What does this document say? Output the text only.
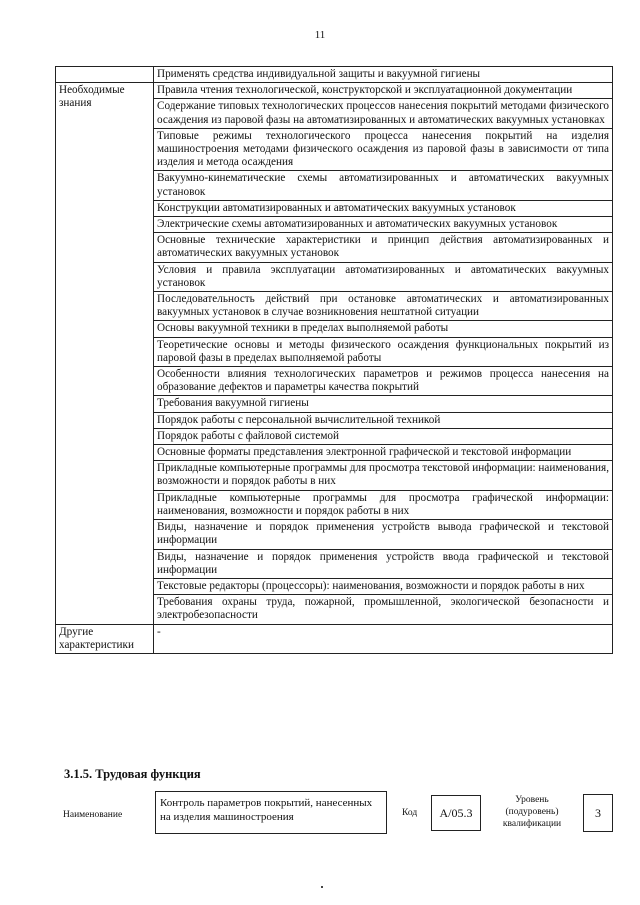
11
	Применять средства индивидуальной защиты и вакуумной гигиены
Необходимые знания	Правила чтения технологической, конструкторской и эксплуатационной документации
	Содержание типовых технологических процессов нанесения покрытий методами физического осаждения из паровой фазы на автоматизированных и автоматических вакуумных установках
	Типовые режимы технологического процесса нанесения покрытий на изделия машиностроения методами физического осаждения из паровой фазы в зависимости от типа изделия и метода осаждения
	Вакуумно-кинематические схемы автоматизированных и автоматических вакуумных установок
	Конструкции автоматизированных и автоматических вакуумных установок
	Электрические схемы автоматизированных и автоматических вакуумных установок
	Основные технические характеристики и принцип действия автоматизированных и автоматических вакуумных установок
	Условия и правила эксплуатации автоматизированных и автоматических вакуумных установок
	Последовательность действий при остановке автоматических и автоматизированных вакуумных установок в случае возникновения нештатной ситуации
	Основы вакуумной техники в пределах выполняемой работы
	Теоретические основы и методы физического осаждения функциональных покрытий из паровой фазы в пределах выполняемой работы
	Особенности влияния технологических параметров и режимов процесса нанесения на образование дефектов и параметры качества покрытий
	Требования вакуумной гигиены
	Порядок работы с персональной вычислительной техникой
	Порядок работы с файловой системой
	Основные форматы представления электронной графической и текстовой информации
	Прикладные компьютерные программы для просмотра текстовой информации: наименования, возможности и порядок работы в них
	Прикладные компьютерные программы для просмотра графической информации: наименования, возможности и порядок работы в них
	Виды, назначение и порядок применения устройств вывода графической и текстовой информации
	Виды, назначение и порядок применения устройств ввода графической и текстовой информации
	Текстовые редакторы (процессоры): наименования, возможности и порядок работы в них
	Требования охраны труда, пожарной, промышленной, экологической безопасности и электробезопасности
Другие характеристики	-
3.1.5. Трудовая функция
Наименование
Контроль параметров покрытий, нанесенных на изделия машиностроения	Код	A/05.3
Уровень (подуровень) квалификации
3
